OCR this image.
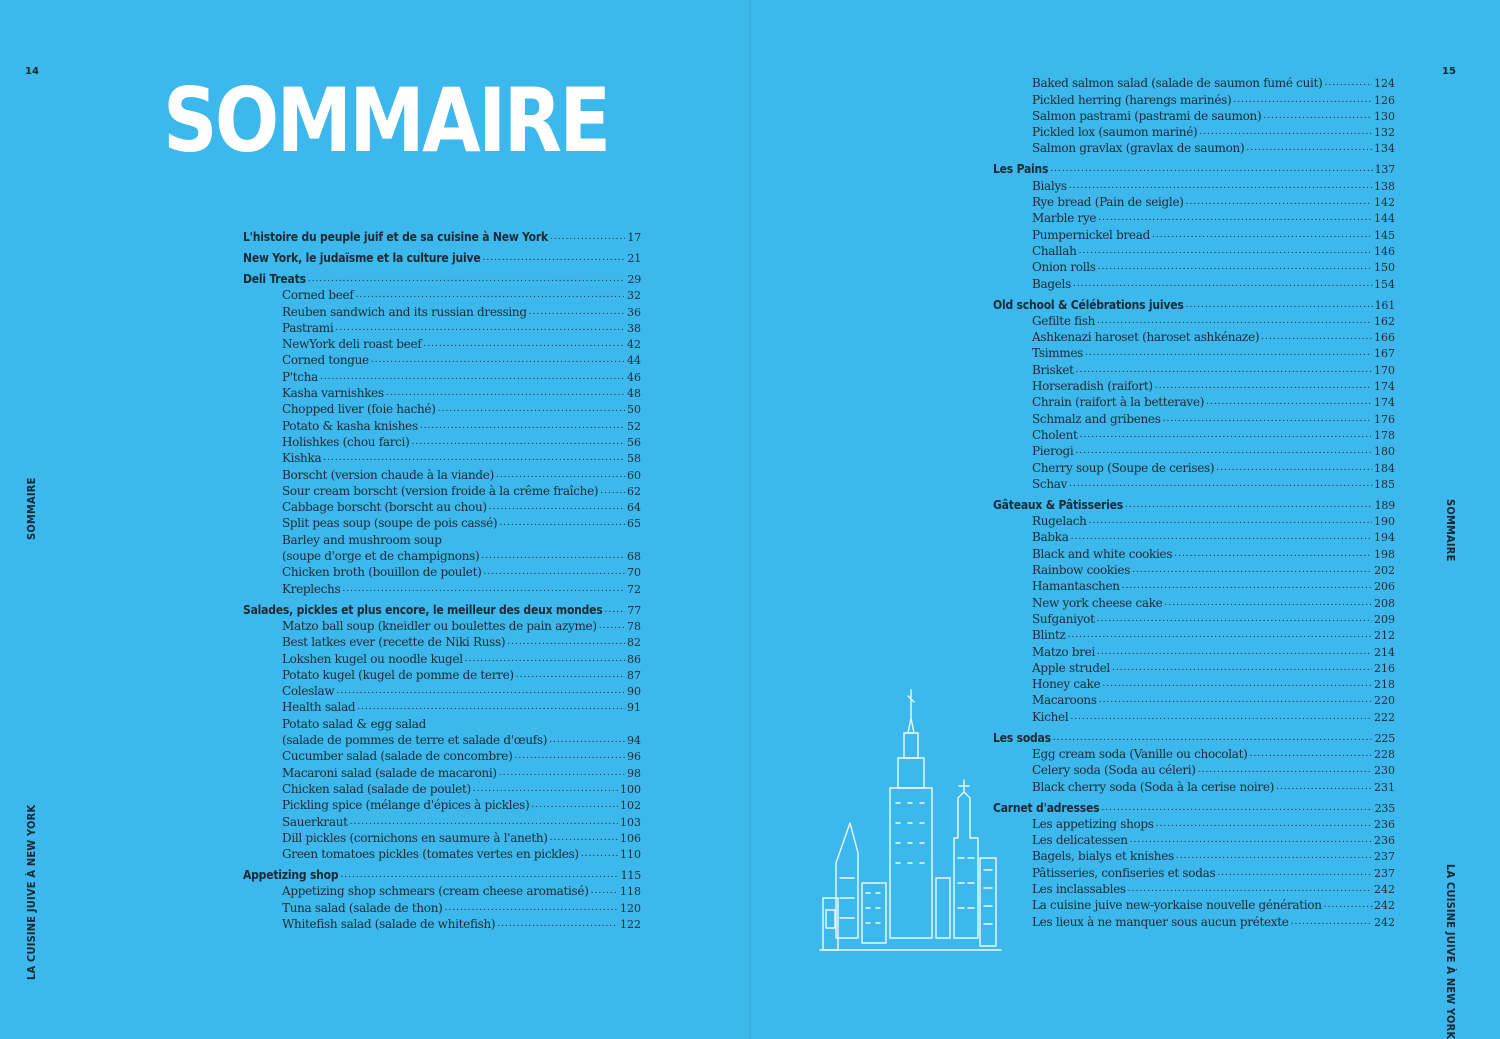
14	15
SOMMAIRE
LA CUISINE JUIVE À NEW YORK
SOMMAIRE
LA CUISINE JUIVE À NEW YORK
SOMMAIRE
L'histoire du peuple juif et de sa cuisine à New York .....	17
New York, le judaïsme et la culture juive .....	21
Deli Treats .....	29
Corned beef .....	32
Reuben sandwich and its russian dressing .....	36
Pastrami .....	38
NewYork deli roast beef .....	42
Corned tongue .....	44
P'tcha .....	46
Kasha varnishkes .....	48
Chopped liver (foie haché) .....	50
Potato & kasha knishes .....	52
Holishkes (chou farci) .....	56
Kishka .....	58
Borscht (version chaude à la viande) .....	60
Sour cream borscht (version froide à la crême fraîche) .....	62
Cabbage borscht (borscht au chou) .....	64
Split peas soup (soupe de pois cassé) .....	65
Barley and mushroom soup
(soupe d'orge et de champignons) .....	68
Chicken broth (bouillon de poulet) .....	70
Kreplechs .....	72
Salades, pickles et plus encore, le meilleur des deux mondes ..... 77
Matzo ball soup (kneidler ou boulettes de pain azyme) .....	78
Best latkes ever (recette de Niki Russ) .....	82
Lokshen kugel ou noodle kugel .....	86
Potato kugel (kugel de pomme de terre) .....	87
Coleslaw .....	90
Health salad .....	91
Potato salad & egg salad
(salade de pommes de terre et salade d'œufs) .....	94
Cucumber salad (salade de concombre) .....	96
Macaroni salad (salade de macaroni) .....	98
Chicken salad (salade de poulet) .....	100
Pickling spice (mélange d'épices à pickles) .....	102
Sauerkraut .....	103
Dill pickles (cornichons en saumure à l'aneth) .....	106
Green tomatoes pickles (tomates vertes en pickles) .....	110
Appetizing shop .....	115
Appetizing shop schmears (cream cheese aromatisé) .....	118
Tuna salad (salade de thon) .....	120
Whitefish salad (salade de whitefish) .....	122
Baked salmon salad (salade de saumon fumé cuit) .....	124
Pickled herring (harengs marinés) .....	126
Salmon pastrami (pastrami de saumon) .....	130
Pickled lox (saumon mariné) .....	132
Salmon gravlax (gravlax de saumon) .....	134
Les Pains .....	137
Bialys .....	138
Rye bread (Pain de seigle) .....	142
Marble rye .....	144
Pumpernickel bread .....	145
Challah .....	146
Onion rolls .....	150
Bagels .....	154
Old school & Célébrations juives .....	161
Gefilte fish .....	162
Ashkenazi haroset (haroset ashkénaze) .....	166
Tsimmes .....	167
Brisket .....	170
Horseradish (raifort) .....	174
Chrain (raifort à la betterave) .....	174
Schmalz and gribenes .....	176
Cholent .....	178
Pierogi .....	180
Cherry soup (Soupe de cerises) .....	184
Schav .....	185
Gâteaux & Pâtisseries .....	189
Rugelach .....	190
Babka .....	194
Black and white cookies .....	198
Rainbow cookies .....	202
Hamantaschen .....	206
New york cheese cake .....	208
Sufganiyot .....	209
Blintz .....	212
Matzo brei .....	214
Apple strudel .....	216
Honey cake .....	218
Macaroons .....	220
Kichel .....	222
Les sodas .....	225
Egg cream soda (Vanille ou chocolat) .....	228
Celery soda (Soda au céleri) .....	230
Black cherry soda (Soda à la cerise noire) .....	231
Carnet d'adresses .....	235
Les appetizing shops .....	236
Les delicatessen .....	236
Bagels, bialys et knishes .....	237
Pâtisseries, confiseries et sodas .....	237
Les inclassables .....	242
La cuisine juive new-yorkaise nouvelle génération .....	242
Les lieux à ne manquer sous aucun prétexte .....	242
